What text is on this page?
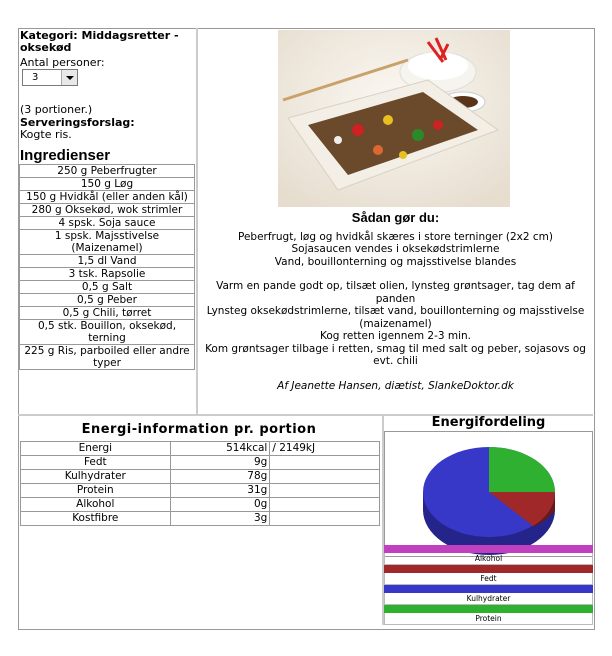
Kategori: Middagsretter - oksekød
Antal personer:
3
(3 portioner.)
Serveringsforslag:
Kogte ris.
Ingredienser
250 g Peberfrugter
150 g Løg
150 g Hvidkål (eller anden kål)
280 g Oksekød, wok strimler
4 spsk. Soja sauce
1 spsk. Majsstivelse (Maizenamel)
1,5 dl Vand
3 tsk. Rapsolie
0,5 g Salt
0,5 g Peber
0,5 g Chili, tørret
0,5 stk. Bouillon, oksekød, terning
225 g Ris, parboiled eller andre typer
Sådan gør du:

Peberfrugt, løg og hvidkål skæres i store terninger (2x2 cm)

Sojasaucen vendes i oksekødstrimlerne

Vand, bouillonterning og majsstivelse blandes

Varm en pande godt op, tilsæt olien, lynsteg grøntsager, tag dem af panden

Lynsteg oksekødstrimlerne, tilsæt vand, bouillonterning og majsstivelse (maizenamel)

Kog retten igennem 2-3 min.

Kom grøntsager tilbage i retten, smag til med salt og peber, sojasovs og evt. chili

Af Jeanette Hansen, diætist, SlankeDoktor.dk

Energi-information pr. portion
Energi	514kcal	/ 2149kJ
Fedt	9g	
Kulhydrater	78g	
Protein	31g	
Alkohol	0g	
Kostfibre	3g	
Energifordeling
Alkohol
Fedt
Kulhydrater
Protein
